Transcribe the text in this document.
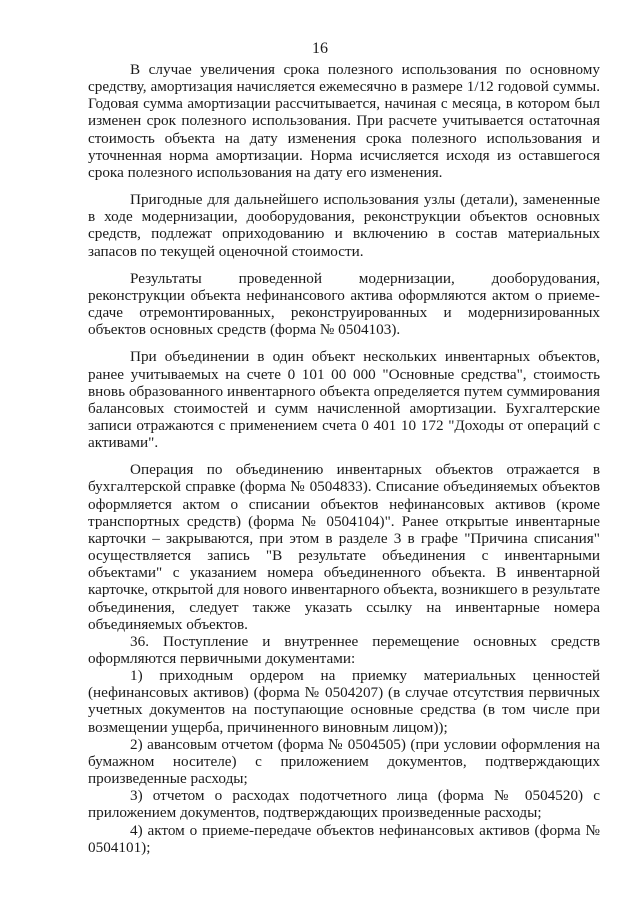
16

В случае увеличения срока полезного использования по основному средству, амортизация начисляется ежемесячно в размере 1/12 годовой суммы. Годовая сумма амортизации рассчитывается, начиная с месяца, в котором был изменен срок полезного использования. При расчете учитывается остаточная стоимость объекта на дату изменения срока полезного использования и уточненная норма амортизации. Норма исчисляется исходя из оставшегося срока полезного использования на дату его изменения.

Пригодные для дальнейшего использования узлы (детали), замененные в ходе модернизации, дооборудования, реконструкции объектов основных средств, подлежат оприходованию и включению в состав материальных запасов по текущей оценочной стоимости.

Результаты проведенной модернизации, дооборудования, реконструкции объекта нефинансового актива оформляются актом о приеме-сдаче отремонтированных, реконструированных и модернизированных объектов основных средств (форма № 0504103).

При объединении в один объект нескольких инвентарных объектов, ранее учитываемых на счете 0 101 00 000 "Основные средства", стоимость вновь образованного инвентарного объекта определяется путем суммирования балансовых стоимостей и сумм начисленной амортизации. Бухгалтерские записи отражаются с применением счета 0 401 10 172 "Доходы от операций с активами".

Операция по объединению инвентарных объектов отражается в бухгалтерской справке (форма № 0504833). Списание объединяемых объектов оформляется актом о списании объектов нефинансовых активов (кроме транспортных средств) (форма № 0504104)". Ранее открытые инвентарные карточки – закрываются, при этом в разделе 3 в графе "Причина списания" осуществляется запись "В результате объединения с инвентарными объектами" с указанием номера объединенного объекта. В инвентарной карточке, открытой для нового инвентарного объекта, возникшего в результате объединения, следует также указать ссылку на инвентарные номера объединяемых объектов.

36. Поступление и внутреннее перемещение основных средств оформляются первичными документами:

1) приходным ордером на приемку материальных ценностей (нефинансовых активов) (форма № 0504207) (в случае отсутствия первичных учетных документов на поступающие основные средства (в том числе при возмещении ущерба, причиненного виновным лицом));

2) авансовым отчетом (форма № 0504505) (при условии оформления на бумажном носителе) с приложением документов, подтверждающих произведенные расходы;

3) отчетом о расходах подотчетного лица (форма № 0504520) с приложением документов, подтверждающих произведенные расходы;

4) актом о приеме-передаче объектов нефинансовых активов (форма № 0504101);
